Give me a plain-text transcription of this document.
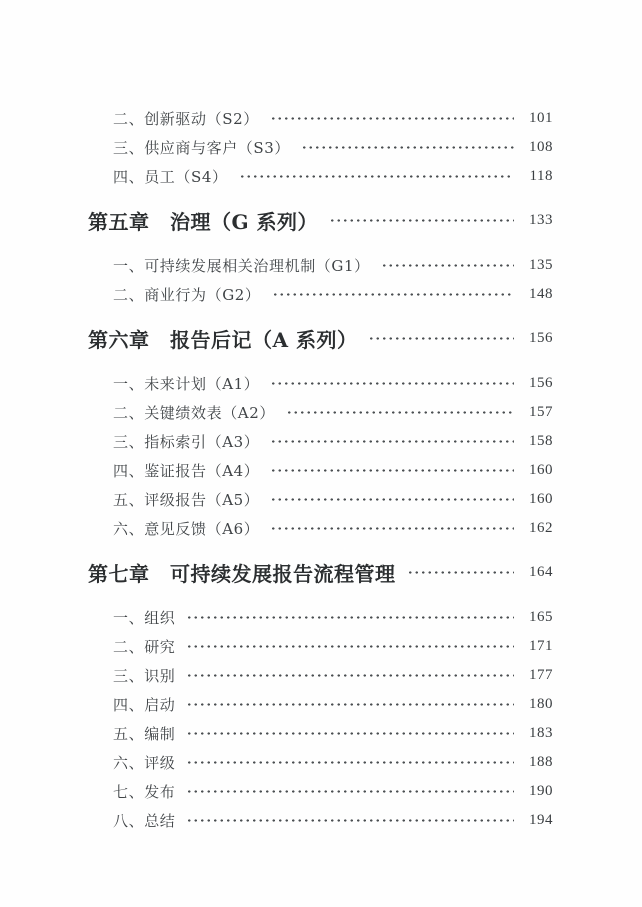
二、创新驱动（S2）	101
三、供应商与客户（S3）	108
四、员工（S4）	118
第五章　治理（G 系列）	133
一、可持续发展相关治理机制（G1）	135
二、商业行为（G2）	148
第六章　报告后记（A 系列）	156
一、未来计划（A1）	156
二、关键绩效表（A2）	157
三、指标索引（A3）	158
四、鉴证报告（A4）	160
五、评级报告（A5）	160
六、意见反馈（A6）	162
第七章　可持续发展报告流程管理	164
一、组织	165
二、研究	171
三、识别	177
四、启动	180
五、编制	183
六、评级	188
七、发布	190
八、总结	194
